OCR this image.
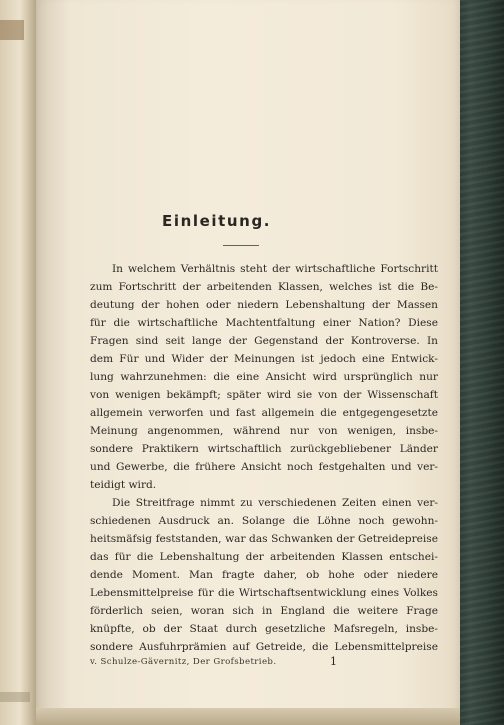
Einleitung.
In welchem Verhältnis steht der wirtschaftliche Fortschritt
zum Fortschritt der arbeitenden Klassen, welches ist die Be-
deutung der hohen oder niedern Lebenshaltung der Massen
für die wirtschaftliche Machtentfaltung einer Nation? Diese
Fragen sind seit lange der Gegenstand der Kontroverse. In
dem Für und Wider der Meinungen ist jedoch eine Entwick-
lung wahrzunehmen: die eine Ansicht wird ursprünglich nur
von wenigen bekämpft; später wird sie von der Wissenschaft
allgemein verworfen und fast allgemein die entgegengesetzte
Meinung angenommen, während nur von wenigen, insbe-
sondere Praktikern wirtschaftlich zurückgebliebener Länder
und Gewerbe, die frühere Ansicht noch festgehalten und ver-
teidigt wird.
Die Streitfrage nimmt zu verschiedenen Zeiten einen ver-
schiedenen Ausdruck an. Solange die Löhne noch gewohn-
heitsmäfsig feststanden, war das Schwanken der Getreidepreise
das für die Lebenshaltung der arbeitenden Klassen entschei-
dende Moment. Man fragte daher, ob hohe oder niedere
Lebensmittelpreise für die Wirtschaftsentwicklung eines Volkes
förderlich seien, woran sich in England die weitere Frage
knüpfte, ob der Staat durch gesetzliche Mafsregeln, insbe-
sondere Ausfuhrprämien auf Getreide, die Lebensmittelpreise
v. Schulze-Gävernitz, Der Grofsbetrieb.	1
